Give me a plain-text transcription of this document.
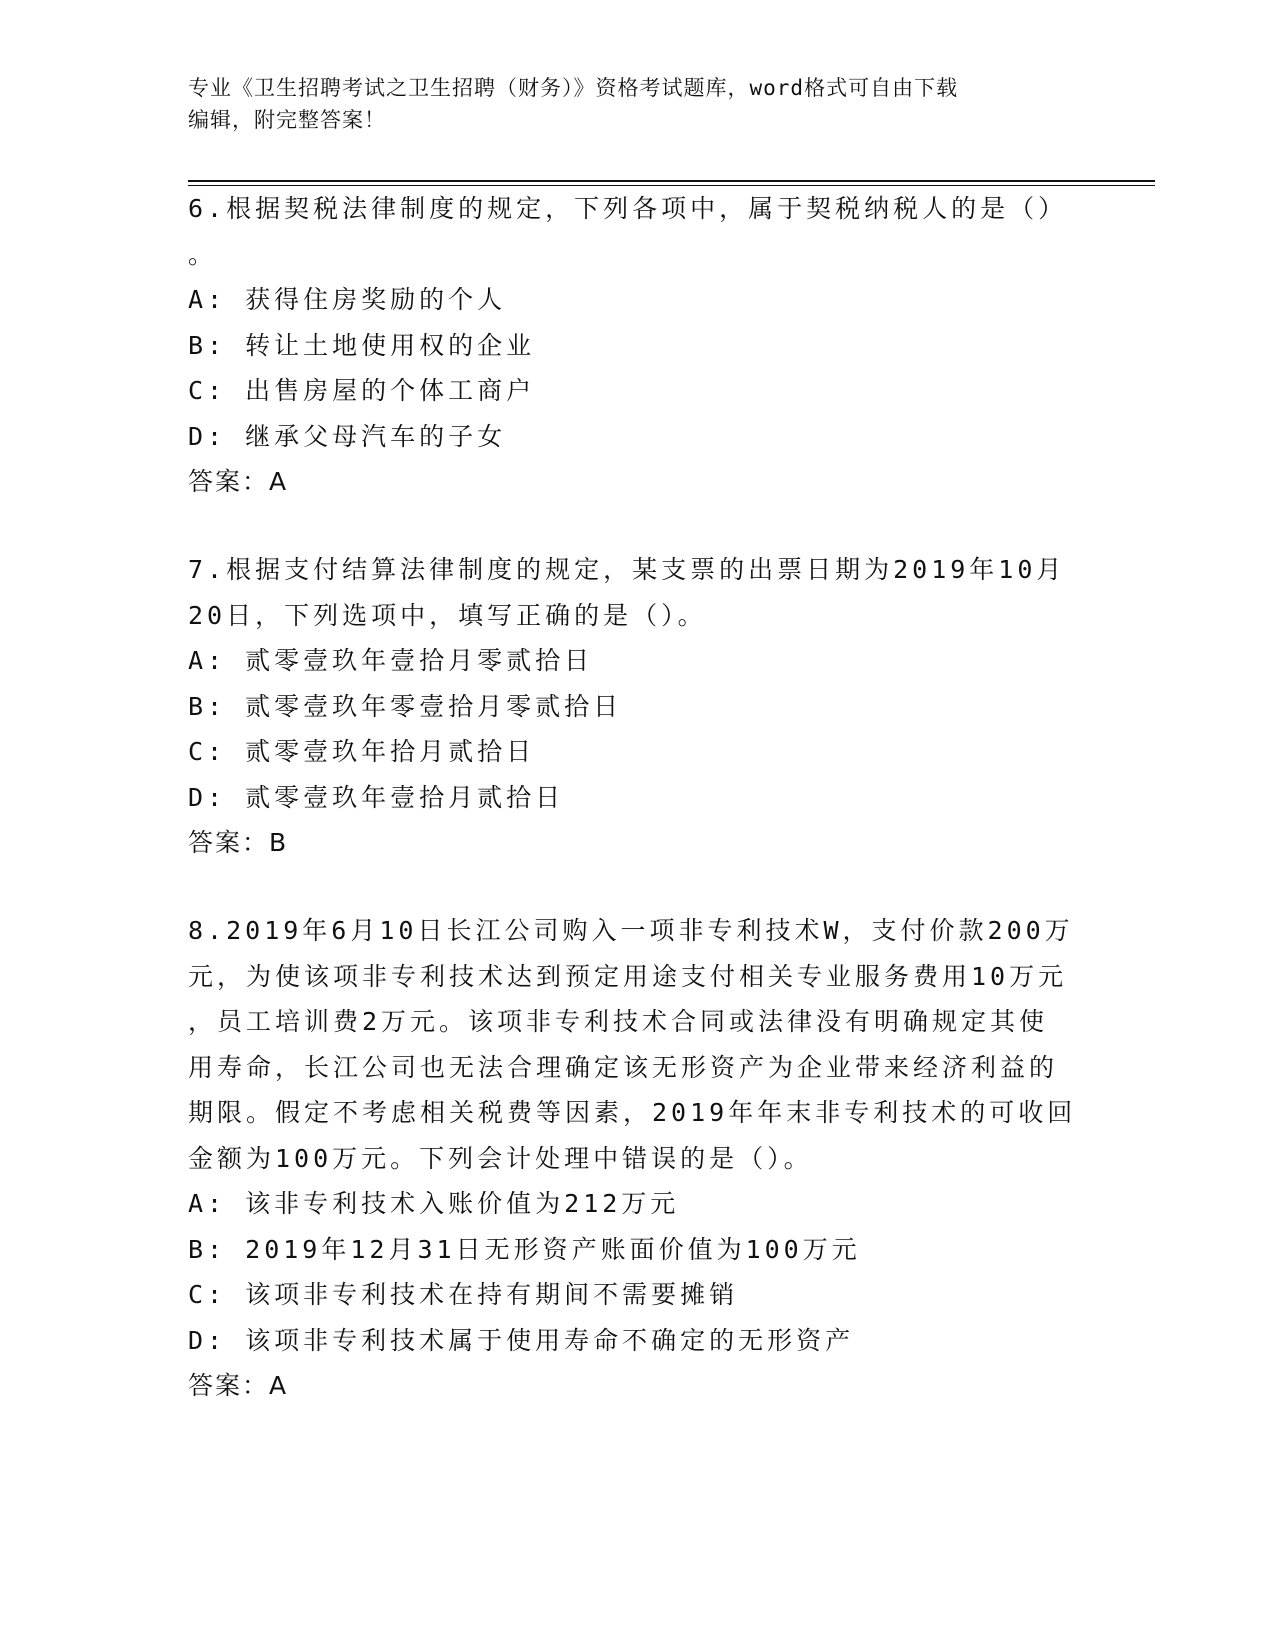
专业《卫生招聘考试之卫生招聘（财务）》资格考试题库，word格式可自由下载
编辑，附完整答案！
6.根据契税法律制度的规定，下列各项中，属于契税纳税人的是（）
。
A: 获得住房奖励的个人
B: 转让土地使用权的企业
C: 出售房屋的个体工商户
D: 继承父母汽车的子女
答案：A
7.根据支付结算法律制度的规定，某支票的出票日期为2019年10月
20日，下列选项中，填写正确的是（）。
A: 贰零壹玖年壹拾月零贰拾日
B: 贰零壹玖年零壹拾月零贰拾日
C: 贰零壹玖年拾月贰拾日
D: 贰零壹玖年壹拾月贰拾日
答案：B
8.2019年6月10日长江公司购入一项非专利技术W，支付价款200万
元，为使该项非专利技术达到预定用途支付相关专业服务费用10万元
，员工培训费2万元。该项非专利技术合同或法律没有明确规定其使
用寿命，长江公司也无法合理确定该无形资产为企业带来经济利益的
期限。假定不考虑相关税费等因素，2019年年末非专利技术的可收回
金额为100万元。下列会计处理中错误的是（）。
A: 该非专利技术入账价值为212万元
B: 2019年12月31日无形资产账面价值为100万元
C: 该项非专利技术在持有期间不需要摊销
D: 该项非专利技术属于使用寿命不确定的无形资产
答案：A
